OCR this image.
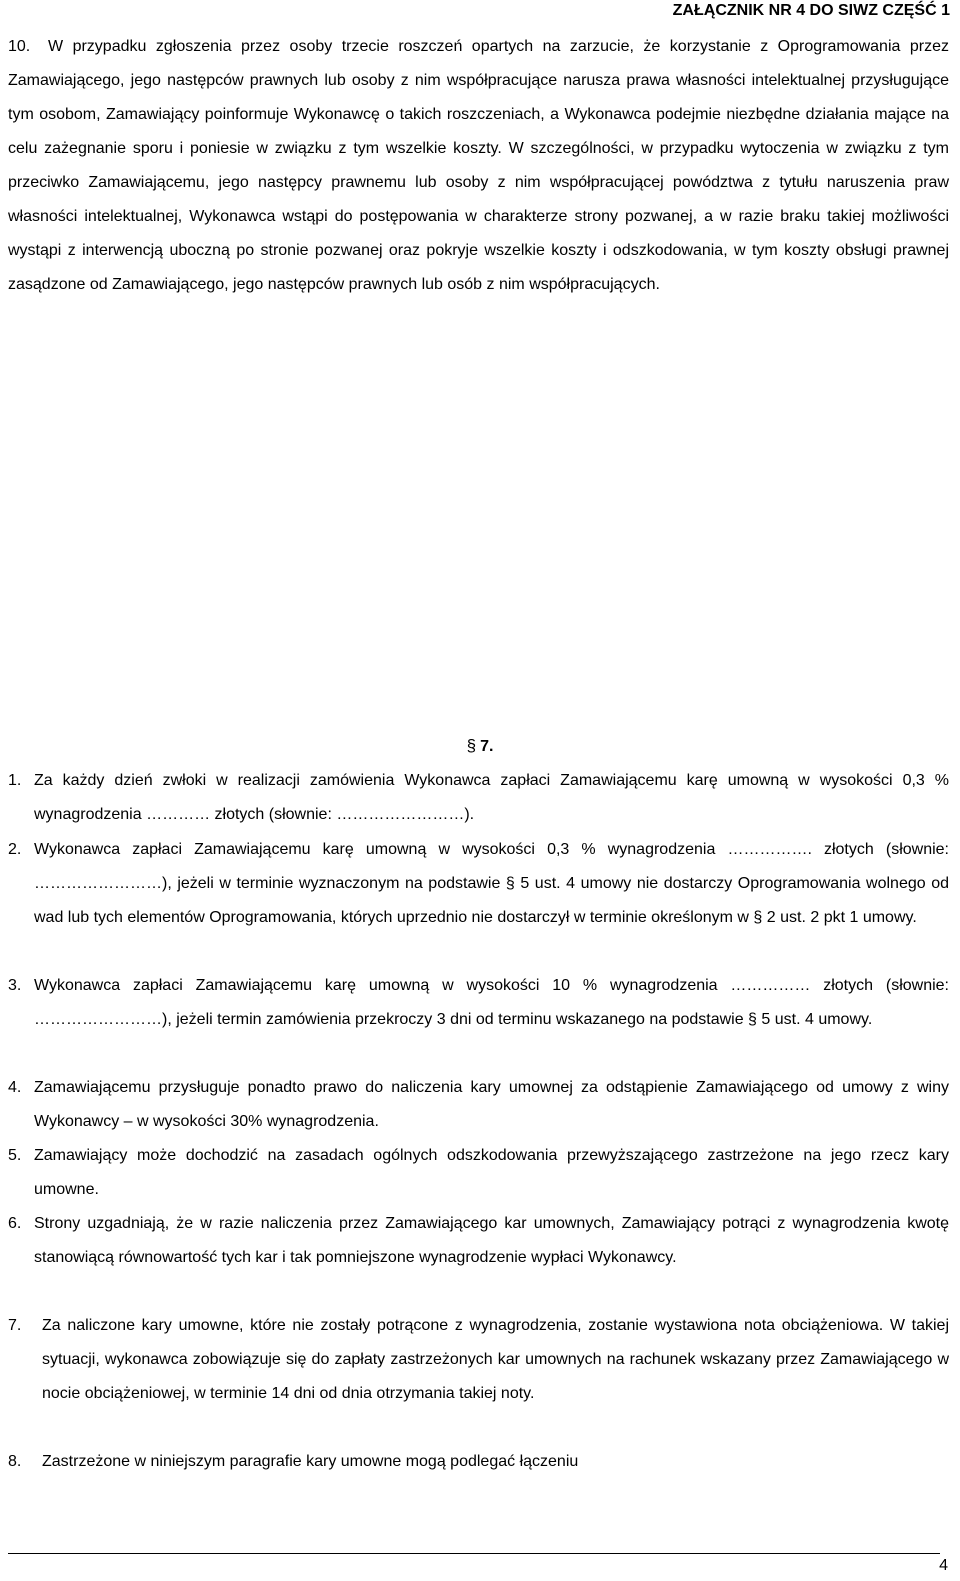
ZAŁĄCZNIK NR 4 DO SIWZ CZĘŚĆ 1
10.	W przypadku zgłoszenia przez osoby trzecie roszczeń opartych na zarzucie, że korzystanie z Oprogramowania przez Zamawiającego, jego następców prawnych lub osoby z nim współpracujące narusza prawa własności intelektualnej przysługujące tym osobom, Zamawiający poinformuje Wykonawcę o takich roszczeniach, a Wykonawca podejmie niezbędne działania mające na celu zażegnanie sporu i poniesie w związku z tym wszelkie koszty. W szczególności, w przypadku wytoczenia w związku z tym przeciwko Zamawiającemu, jego następcy prawnemu lub osoby z nim współpracującej powództwa z tytułu naruszenia praw własności intelektualnej, Wykonawca wstąpi do postępowania w charakterze strony pozwanej, a w razie braku takiej możliwości wystąpi z interwencją uboczną po stronie pozwanej oraz pokryje wszelkie koszty i odszkodowania, w tym koszty obsługi prawnej zasądzone od Zamawiającego, jego następców prawnych lub osób z nim współpracujących.
§ 7.
1. Za każdy dzień zwłoki w realizacji zamówienia Wykonawca zapłaci Zamawiającemu karę umowną w wysokości 0,3 % wynagrodzenia ………… złotych (słownie: ……………………).
2. Wykonawca zapłaci Zamawiającemu karę umowną w wysokości 0,3 % wynagrodzenia ……………. złotych (słownie: ……………………), jeżeli w terminie wyznaczonym na podstawie § 5 ust. 4 umowy nie dostarczy Oprogramowania wolnego od wad lub tych elementów Oprogramowania, których uprzednio nie dostarczył w terminie określonym w § 2 ust. 2 pkt 1 umowy.
3. Wykonawca zapłaci Zamawiającemu karę umowną w wysokości 10 % wynagrodzenia …………… złotych (słownie: ……………………), jeżeli termin zamówienia przekroczy 3 dni od terminu wskazanego na podstawie § 5 ust. 4 umowy.
4. Zamawiającemu przysługuje ponadto prawo do naliczenia kary umownej za odstąpienie Zamawiającego od umowy z winy Wykonawcy – w wysokości 30% wynagrodzenia.
5. Zamawiający może dochodzić na zasadach ogólnych odszkodowania przewyższającego zastrzeżone na jego rzecz kary umowne.
6. Strony uzgadniają, że w razie naliczenia przez Zamawiającego kar umownych, Zamawiający potrąci z wynagrodzenia kwotę stanowiącą równowartość tych kar i tak pomniejszone wynagrodzenie wypłaci Wykonawcy.
7.	Za naliczone kary umowne, które nie zostały potrącone z wynagrodzenia, zostanie wystawiona nota obciążeniowa. W takiej sytuacji, wykonawca zobowiązuje się do zapłaty zastrzeżonych kar umownych na rachunek wskazany przez Zamawiającego w nocie obciążeniowej, w terminie 14 dni od dnia otrzymania takiej noty.
8.	Zastrzeżone w niniejszym paragrafie kary umowne mogą podlegać łączeniu
4
